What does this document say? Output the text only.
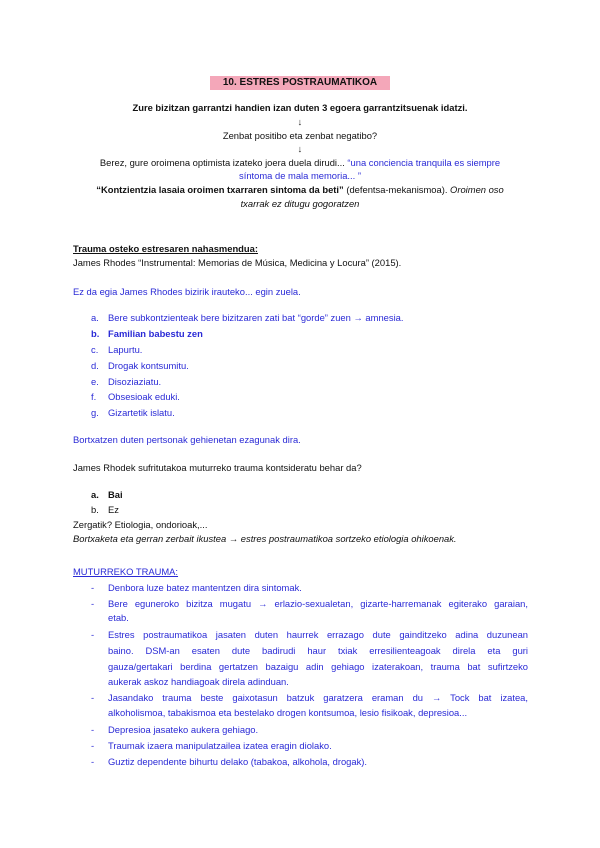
10. ESTRES POSTRAUMATIKOA
Zure bizitzan garrantzi handien izan duten 3 egoera garrantzitsuenak idatzi.
↓
Zenbat positibo eta zenbat negatibo?
↓
Berez, gure oroimena optimista izateko joera duela dirudi... “una conciencia tranquila es siempre
síntoma de mala memoria... ”
“Kontzientzia lasaia oroimen txarraren sintoma da beti” (defentsa-mekanismoa). Oroimen oso
txarrak ez ditugu gogoratzen
Trauma osteko estresaren nahasmendua:
James Rhodes “Instrumental: Memorias de Música, Medicina y Locura” (2015).
Ez da egia James Rhodes bizirik irauteko... egin zuela.
a. Bere subkontzienteak bere bizitzaren zati bat “gorde” zuen → amnesia.
b. Familian babestu zen
c. Lapurtu.
d. Drogak kontsumitu.
e. Disoziaziatu.
f. Obsesioak eduki.
g. Gizartetik islatu.
Bortxatzen duten pertsonak gehienetan ezagunak dira.
James Rhodek sufritutakoa muturreko trauma kontsideratu behar da?
a. Bai
b. Ez
Zergatik? Etiologia, ondorioak,...
Bortxaketa eta gerran zerbait ikustea → estres postraumatikoa sortzeko etiologia ohikoenak.
MUTURREKO TRAUMA:
- Denbora luze batez mantentzen dira sintomak.
- Bere eguneroko bizitza mugatu → erlazio-sexualetan, gizarte-harremanak egiterako garaian,
etab.
- Estres postraumatikoa jasaten duten haurrek errazago dute gainditzeko adina duzunean
baino. DSM-an esaten dute badirudi haur txiak erresilienteagoak direla eta guri
gauza/gertakari berdina gertatzen bazaigu adin gehiago izaterakoan, trauma bat sufirtzeko
aukerak askoz handiagoak direla adinduan.
- Jasandako trauma beste gaixotasun batzuk garatzera eraman du → Tock bat izatea,
alkoholismoa, tabakismoa eta bestelako drogen kontsumoa, lesio fisikoak, depresioa...
- Depresioa jasateko aukera gehiago.
- Traumak izaera manipulatzailea izatea eragin diolako.
- Guztiz dependente bihurtu delako (tabakoa, alkohola, drogak).
